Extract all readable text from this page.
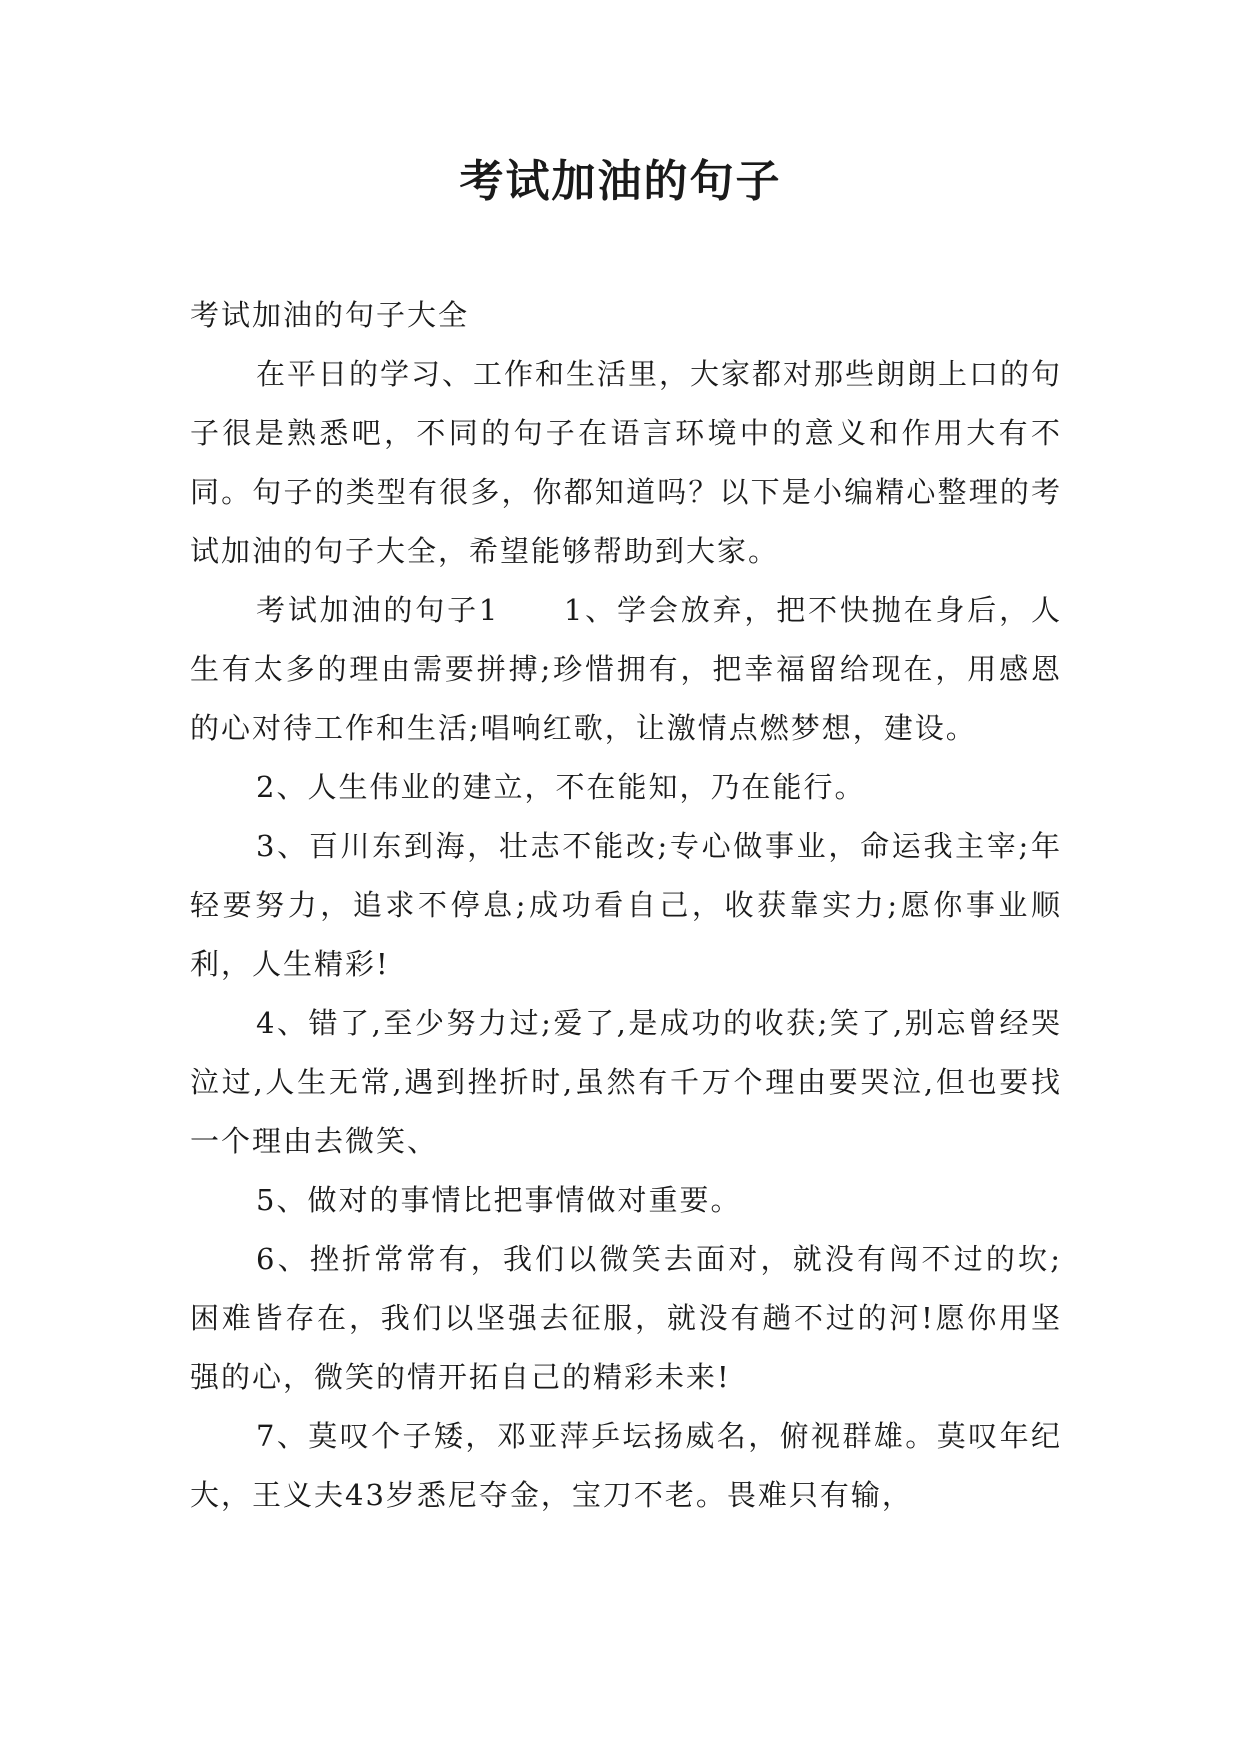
考试加油的句子

考试加油的句子大全

在平日的学习、工作和生活里，大家都对那些朗朗上口的句子很是熟悉吧，不同的句子在语言环境中的意义和作用大有不同。句子的类型有很多，你都知道吗？以下是小编精心整理的考试加油的句子大全，希望能够帮助到大家。

考试加油的句子1　　1、学会放弃，把不快抛在身后，人生有太多的理由需要拼搏;珍惜拥有，把幸福留给现在，用感恩的心对待工作和生活;唱响红歌，让激情点燃梦想，建设。

2、人生伟业的建立，不在能知，乃在能行。

3、百川东到海，壮志不能改;专心做事业，命运我主宰;年轻要努力，追求不停息;成功看自己，收获靠实力;愿你事业顺利，人生精彩!

4、错了,至少努力过;爱了,是成功的收获;笑了,别忘曾经哭泣过,人生无常,遇到挫折时,虽然有千万个理由要哭泣,但也要找一个理由去微笑、

5、做对的事情比把事情做对重要。

6、挫折常常有，我们以微笑去面对，就没有闯不过的坎;困难皆存在，我们以坚强去征服，就没有趟不过的河!愿你用坚强的心，微笑的情开拓自己的精彩未来!

7、莫叹个子矮，邓亚萍乒坛扬威名，俯视群雄。莫叹年纪大，王义夫43岁悉尼夺金，宝刀不老。畏难只有输，
